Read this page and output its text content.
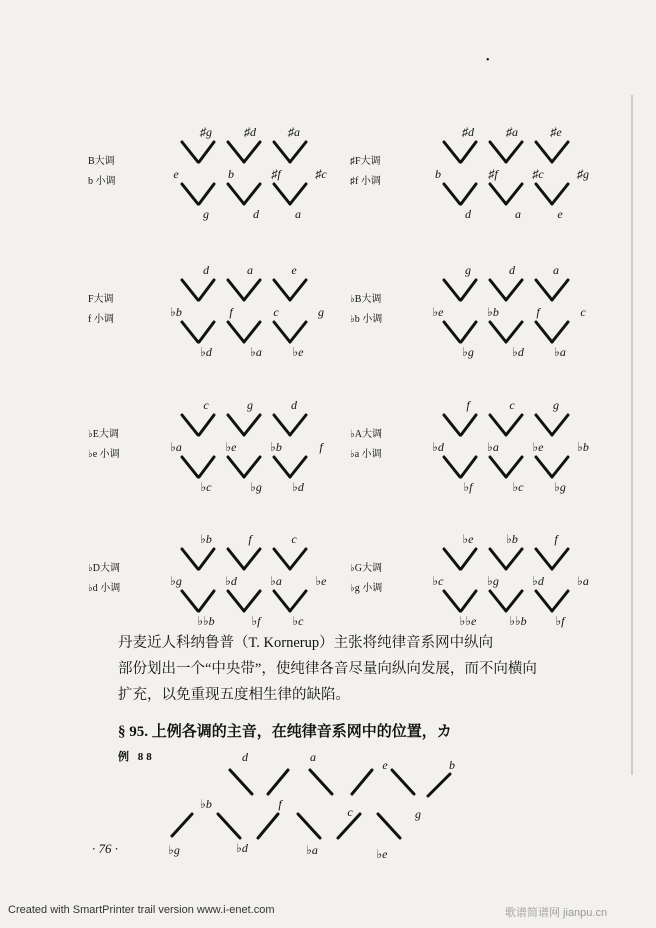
•
♯g	♯d	♯a
e	b	♯f	♯c
g	d	a
B大调
b 小调
♯d	♯a	♯e
b	♯f	♯c	♯g
d	a	e
♯F大调
♯f 小调
d	a	e
♭b	f	c	g
♭d	♭a	♭e
F大调
f 小调
g	d	a
♭e	♭b	f	c
♭g	♭d	♭a
♭B大调
♭b 小调
c	g	d
♭a	♭e	♭b	f
♭c	♭g	♭d
♭E大调
♭e 小调
f	c	g
♭d	♭a	♭e	♭b
♭f	♭c	♭g
♭A大调
♭a 小调
♭b	f	c
♭g	♭d	♭a	♭e
♭♭b	♭f	♭c
♭D大调
♭d 小调
♭e	♭b	f
♭c	♭g	♭d	♭a
♭♭e	♭♭b ♭f
♭G大调
♭g 小调
丹麦近人科纳鲁普（T. Kornerup）主张将纯律音系网中纵向
部份划出一个“中央带”，使纯律各音尽量向纵向发展，而不向横向
扩充，以免重现五度相生律的缺陷。
§ 95. 上例各调的主音，在纯律音系网中的位置，カ
例 88	d	a
e	b
♭b	f
c	g
♭g	♭d	♭a	♭e
· 76 ·
Created with SmartPrinter trail version www.i-enet.com	歌谱简谱网 jianpu.cn
